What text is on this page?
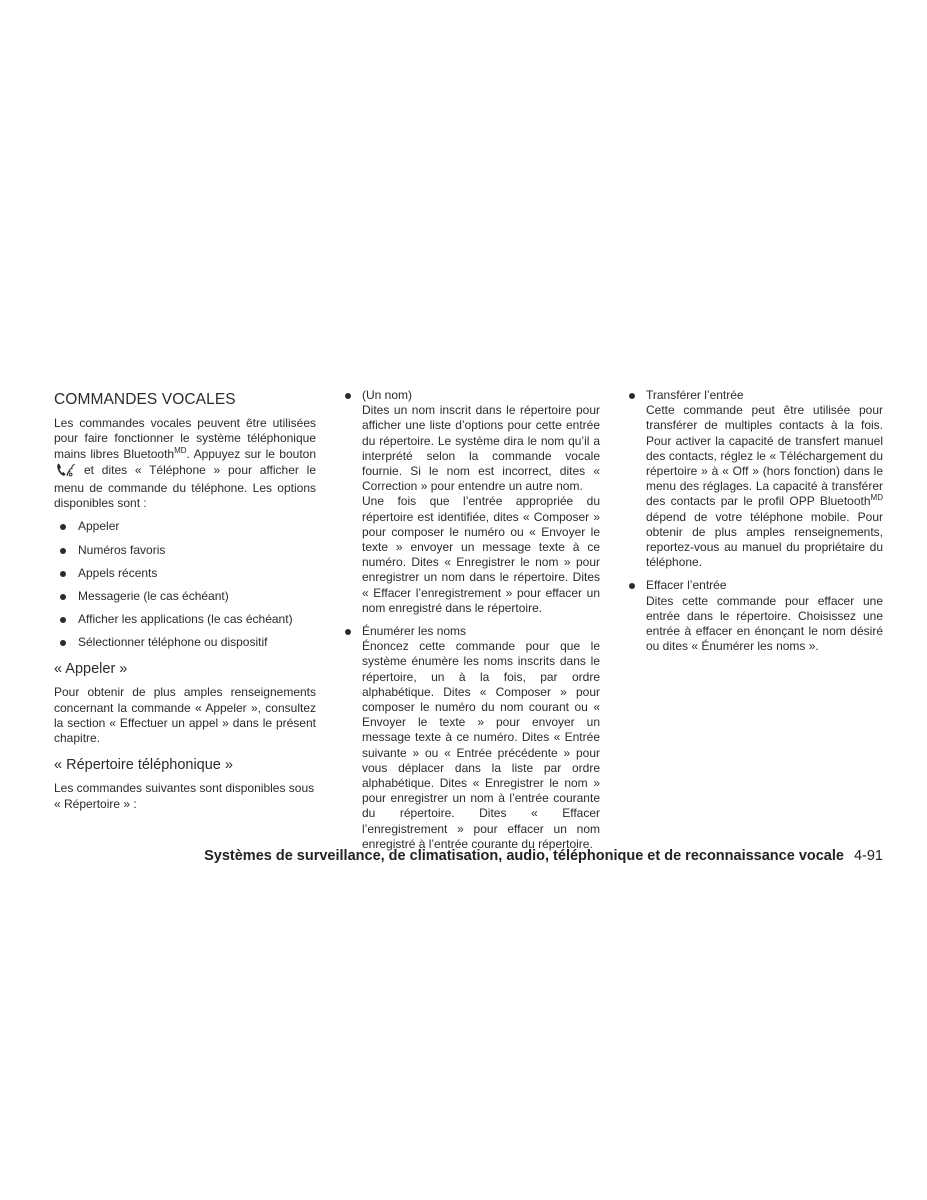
COMMANDES VOCALES

Les commandes vocales peuvent être utilisées pour faire fonctionner le système téléphonique mains libres Bluetooth$^{MD}$. Appuyez sur le bouton et dites « Téléphone » pour afficher le menu de commande du téléphone. Les options disponibles sont :

Appeler
Numéros favoris
Appels récents
Messagerie (le cas échéant)
Afficher les applications (le cas échéant)
Sélectionner téléphone ou dispositif
« Appeler »

Pour obtenir de plus amples renseignements concernant la commande « Appeler », consultez la section « Effectuer un appel » dans le présent chapitre.

« Répertoire téléphonique »

Les commandes suivantes sont disponibles sous « Répertoire » :

(Un nom)

Dites un nom inscrit dans le répertoire pour afficher une liste d’options pour cette entrée du répertoire. Le système dira le nom qu’il a interprété selon la commande vocale fournie. Si le nom est incorrect, dites « Correction » pour entendre un autre nom.

Une fois que l’entrée appropriée du répertoire est identifiée, dites « Composer » pour composer le numéro ou « Envoyer le texte » envoyer un message texte à ce numéro. Dites « Enregistrer le nom » pour enregistrer un nom dans le répertoire. Dites « Effacer l’enregistrement » pour effacer un nom enregistré dans le répertoire.

Énumérer les noms

Énoncez cette commande pour que le système énumère les noms inscrits dans le répertoire, un à la fois, par ordre alphabétique. Dites « Composer » pour composer le numéro du nom courant ou « Envoyer le texte » pour envoyer un message texte à ce numéro. Dites « Entrée suivante » ou « Entrée précédente » pour vous déplacer dans la liste par ordre alphabétique. Dites « Enregistrer le nom » pour enregistrer un nom à l’entrée courante du répertoire. Dites « Effacer l’enregistrement » pour effacer un nom enregistré à l’entrée courante du répertoire.

Transférer l’entrée

Cette commande peut être utilisée pour transférer de multiples contacts à la fois. Pour activer la capacité de transfert manuel des contacts, réglez le « Téléchargement du répertoire » à « Off » (hors fonction) dans le menu des réglages. La capacité à transférer des contacts par le profil OPP Bluetooth$^{MD}$ dépend de votre téléphone mobile. Pour obtenir de plus amples renseignements, reportez-vous au manuel du propriétaire du téléphone.

Effacer l’entrée

Dites cette commande pour effacer une entrée dans le répertoire. Choisissez une entrée à effacer en énonçant le nom désiré ou dites « Énumérer les noms ».

Systèmes de surveillance, de climatisation, audio, téléphonique et de reconnaissance vocale 4-91
